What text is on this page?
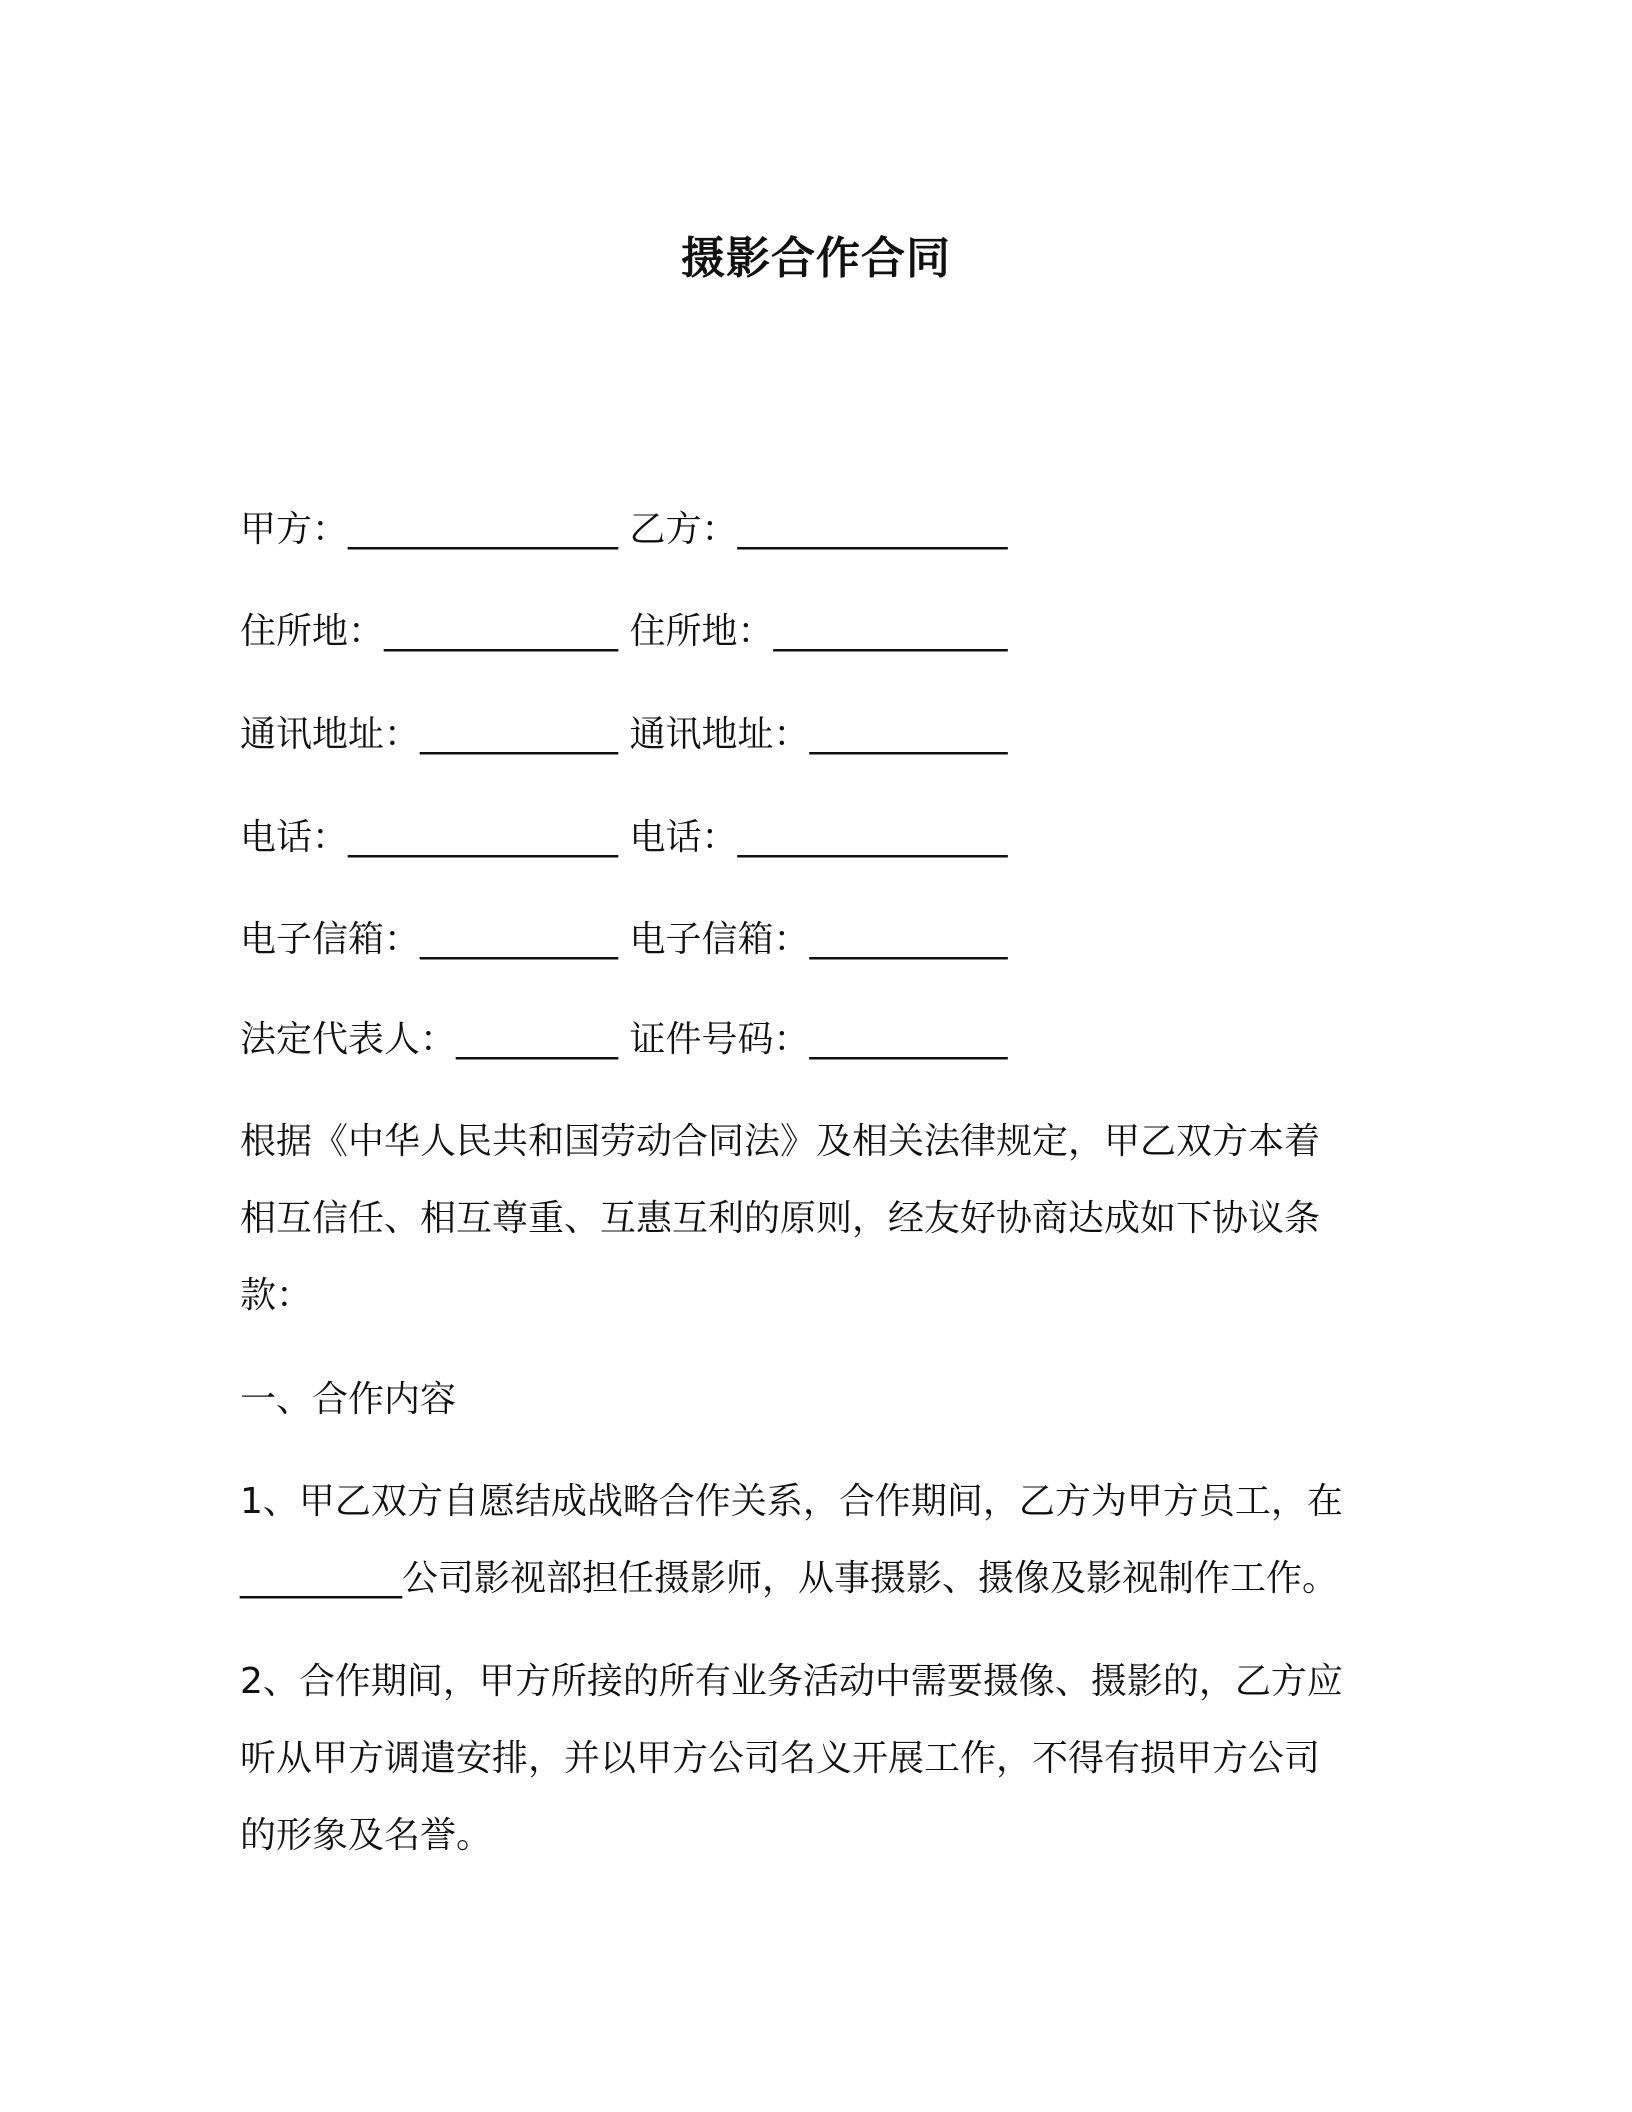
摄影合作合同
甲方：_______________ 乙方：_______________
住所地：_____________ 住所地：_____________
通讯地址：___________ 通讯地址：___________
电话：_______________ 电话：_______________
电子信箱：___________ 电子信箱：___________
法定代表人：_________ 证件号码：___________
根据《中华人民共和国劳动合同法》及相关法律规定，甲乙双方本着
相互信任、相互尊重、互惠互利的原则，经友好协商达成如下协议条
款：
一、合作内容
1、甲乙双方自愿结成战略合作关系，合作期间，乙方为甲方员工，在
_________公司影视部担任摄影师，从事摄影、摄像及影视制作工作。
2、合作期间，甲方所接的所有业务活动中需要摄像、摄影的，乙方应
听从甲方调遣安排，并以甲方公司名义开展工作，不得有损甲方公司
的形象及名誉。
